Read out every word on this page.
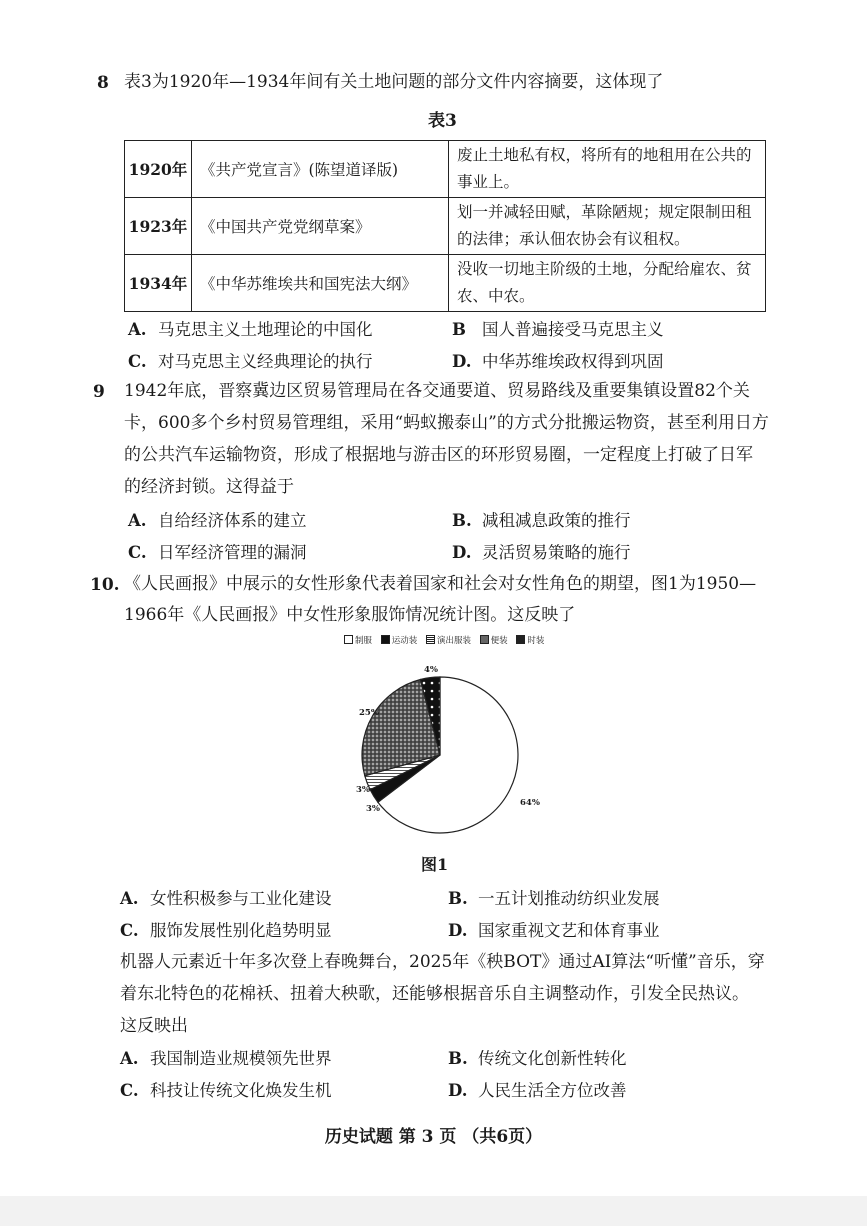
8 表3为1920年—1934年间有关土地问题的部分文件内容摘要，这体现了
表3
1920年	《共产党宣言》(陈望道译版)	废止土地私有权，将所有的地租用在公共的事业上。
1923年	《中国共产党党纲草案》	划一并减轻田赋，革除陋规；规定限制田租的法律；承认佃农协会有议租权。
1934年	《中华苏维埃共和国宪法大纲》	没收一切地主阶级的土地，分配给雇农、贫农、中农。
A. 马克思主义土地理论的中国化	B 国人普遍接受马克思主义
C. 对马克思主义经典理论的执行	D. 中华苏维埃政权得到巩固
9 1942年底，晋察冀边区贸易管理局在各交通要道、贸易路线及重要集镇设置82个关
卡，600多个乡村贸易管理组，采用“蚂蚁搬泰山”的方式分批搬运物资，甚至利用日方
的公共汽车运输物资，形成了根据地与游击区的环形贸易圈，一定程度上打破了日军
的经济封锁。这得益于
A. 自给经济体系的建立	B. 减租减息政策的推行
C. 日军经济管理的漏洞	D. 灵活贸易策略的施行
10. 《人民画报》中展示的女性形象代表着国家和社会对女性角色的期望，图1为1950—
1966年《人民画报》中女性形象服饰情况统计图。这反映了
制服 运动装 演出服装 便装 时装
4%
25%
3%
3%
64%
图1
A. 女性积极参与工业化建设	B. 一五计划推动纺织业发展
C. 服饰发展性别化趋势明显	D. 国家重视文艺和体育事业
机器人元素近十年多次登上春晚舞台，2025年《秧BOT》通过AI算法“听懂”音乐，穿
着东北特色的花棉袄、扭着大秧歌，还能够根据音乐自主调整动作，引发全民热议。
这反映出
A. 我国制造业规模领先世界	B. 传统文化创新性转化
C. 科技让传统文化焕发生机	D. 人民生活全方位改善
历史试题 第 3 页 （共6页）
